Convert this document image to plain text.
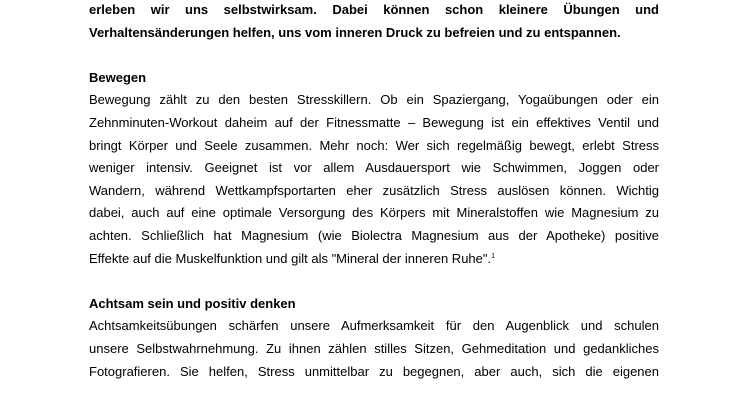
erleben wir uns selbstwirksam. Dabei können schon kleinere Übungen und
Verhaltensänderungen helfen, uns vom inneren Druck zu befreien und zu entspannen.
Bewegen
Bewegung zählt zu den besten Stresskillern. Ob ein Spaziergang, Yogaübungen oder ein
Zehnminuten-Workout daheim auf der Fitnessmatte – Bewegung ist ein effektives Ventil und
bringt Körper und Seele zusammen. Mehr noch: Wer sich regelmäßig bewegt, erlebt Stress
weniger intensiv. Geeignet ist vor allem Ausdauersport wie Schwimmen, Joggen oder
Wandern, während Wettkampfsportarten eher zusätzlich Stress auslösen können. Wichtig
dabei, auch auf eine optimale Versorgung des Körpers mit Mineralstoffen wie Magnesium zu
achten. Schließlich hat Magnesium (wie Biolectra Magnesium aus der Apotheke) positive
Effekte auf die Muskelfunktion und gilt als "Mineral der inneren Ruhe".$^1$
Achtsam sein und positiv denken
Achtsamkeitsübungen schärfen unsere Aufmerksamkeit für den Augenblick und schulen
unsere Selbstwahrnehmung. Zu ihnen zählen stilles Sitzen, Gehmeditation und gedankliches
Fotografieren. Sie helfen, Stress unmittelbar zu begegnen, aber auch, sich die eigenen
